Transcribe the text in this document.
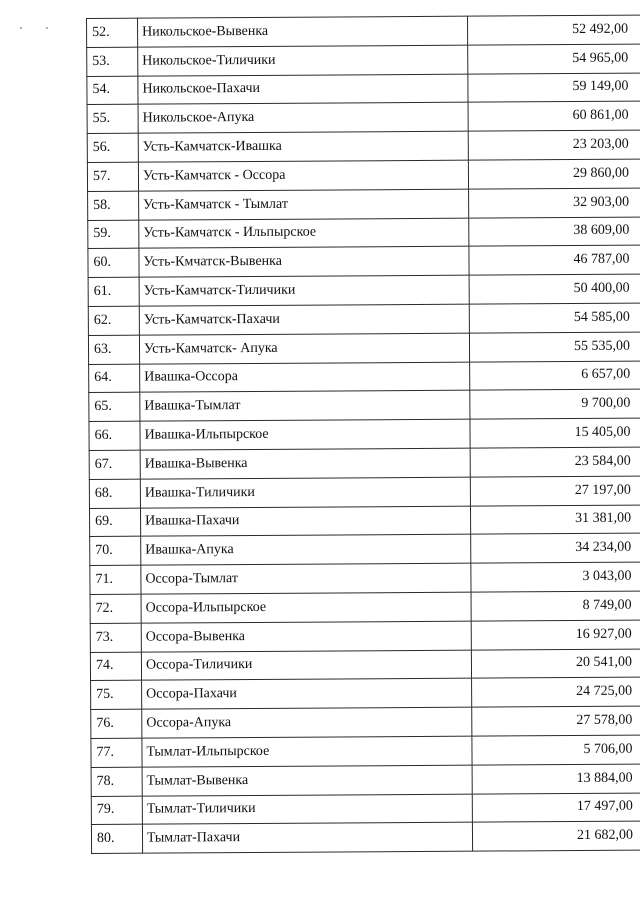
52.	Никольское-Вывенка	52 492,00
53.	Никольское-Тиличики	54 965,00
54.	Никольское-Пахачи	59 149,00
55.	Никольское-Апука	60 861,00
56.	Усть-Камчатск-Ивашка	23 203,00
57.	Усть-Камчатск - Оссора	29 860,00
58.	Усть-Камчатск - Тымлат	32 903,00
59.	Усть-Камчатск - Ильпырское	38 609,00
60.	Усть-Кмчатск-Вывенка	46 787,00
61.	Усть-Камчатск-Тиличики	50 400,00
62.	Усть-Камчатск-Пахачи	54 585,00
63.	Усть-Камчатск- Апука	55 535,00
64.	Ивашка-Оссора	6 657,00
65.	Ивашка-Тымлат	9 700,00
66.	Ивашка-Ильпырское	15 405,00
67.	Ивашка-Вывенка	23 584,00
68.	Ивашка-Тиличики	27 197,00
69.	Ивашка-Пахачи	31 381,00
70.	Ивашка-Апука	34 234,00
71.	Оссора-Тымлат	3 043,00
72.	Оссора-Ильпырское	8 749,00
73.	Оссора-Вывенка	16 927,00
74.	Оссора-Тиличики	20 541,00
75.	Оссора-Пахачи	24 725,00
76.	Оссора-Апука	27 578,00
77.	Тымлат-Ильпырское	5 706,00
78.	Тымлат-Вывенка	13 884,00
79.	Тымлат-Тиличики	17 497,00
80.	Тымлат-Пахачи	21 682,00
